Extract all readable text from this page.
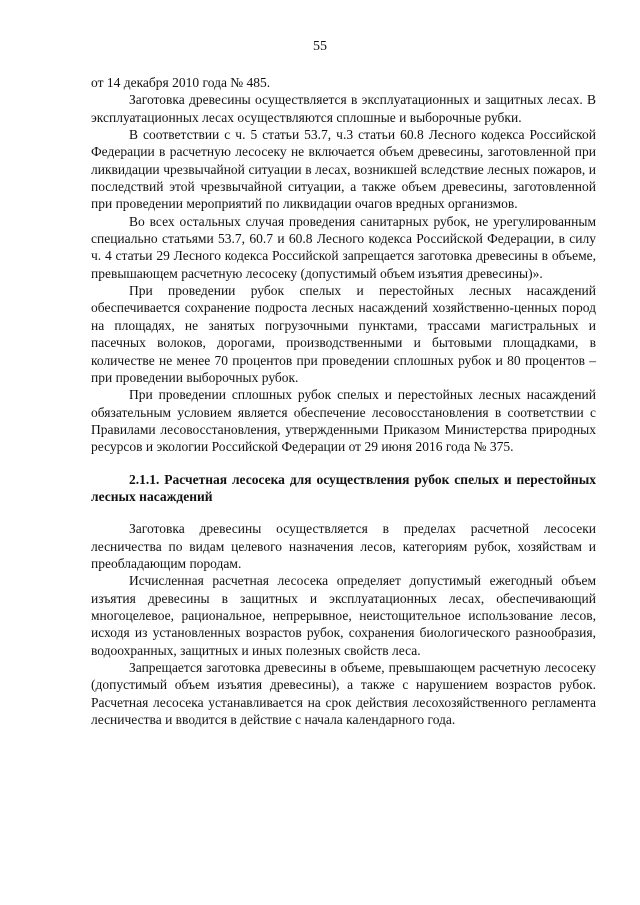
55

от 14 декабря 2010 года № 485.

Заготовка древесины осуществляется в эксплуатационных и защитных лесах. В эксплуатационных лесах осуществляются сплошные и выборочные рубки.

В соответствии с ч. 5 статьи 53.7, ч.3 статьи 60.8 Лесного кодекса Российской Федерации в расчетную лесосеку не включается объем древесины, заготовленной при ликвидации чрезвычайной ситуации в лесах, возникшей вследствие лесных пожаров, и последствий этой чрезвычайной ситуации, а также объем древесины, заготовленной при проведении мероприятий по ликвидации очагов вредных организмов.

Во всех остальных случая проведения санитарных рубок, не урегулированным специально статьями 53.7, 60.7 и 60.8 Лесного кодекса Российской Федерации, в силу ч. 4 статьи 29 Лесного кодекса Российской запрещается заготовка древесины в объеме, превышающем расчетную лесосеку (допустимый объем изъятия древесины)».

При проведении рубок спелых и перестойных лесных насаждений обеспечивается сохранение подроста лесных насаждений хозяйственно-ценных пород на площадях, не занятых погрузочными пунктами, трассами магистральных и пасечных волоков, дорогами, производственными и бытовыми площадками, в количестве не менее 70 процентов при проведении сплошных рубок и 80 процентов – при проведении выборочных рубок.

При проведении сплошных рубок спелых и перестойных лесных насаждений обязательным условием является обеспечение лесовосстановления в соответствии с Правилами лесовосстановления, утвержденными Приказом Министерства природных ресурсов и экологии Российской Федерации от 29 июня 2016 года № 375.

2.1.1. Расчетная лесосека для осуществления рубок спелых и перестойных лесных насаждений

Заготовка древесины осуществляется в пределах расчетной лесосеки лесничества по видам целевого назначения лесов, категориям рубок, хозяйствам и преобладающим породам.

Исчисленная расчетная лесосека определяет допустимый ежегодный объем изъятия древесины в защитных и эксплуатационных лесах, обеспечивающий многоцелевое, рациональное, непрерывное, неистощительное использование лесов, исходя из установленных возрастов рубок, сохранения биологического разнообразия, водоохранных, защитных и иных полезных свойств леса.

Запрещается заготовка древесины в объеме, превышающем расчетную лесосеку (допустимый объем изъятия древесины), а также с нарушением возрастов рубок. Расчетная лесосека устанавливается на срок действия лесохозяйственного регламента лесничества и вводится в действие с начала календарного года.
